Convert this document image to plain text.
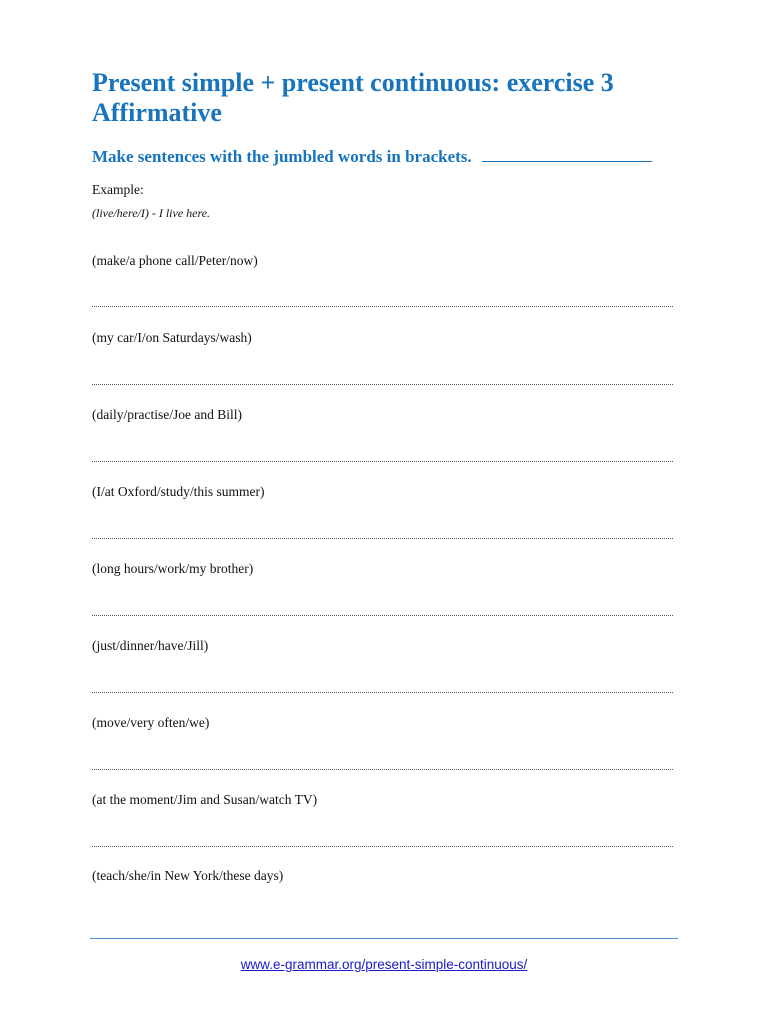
Present simple + present continuous: exercise 3
Affirmative
Make sentences with the jumbled words in brackets.
Example:
(live/here/I) - I live here.
(make/a phone call/Peter/now)
(my car/I/on Saturdays/wash)
(daily/practise/Joe and Bill)
(I/at Oxford/study/this summer)
(long hours/work/my brother)
(just/dinner/have/Jill)
(move/very often/we)
(at the moment/Jim and Susan/watch TV)
(teach/she/in New York/these days)
www.e-grammar.org/present-simple-continuous/
